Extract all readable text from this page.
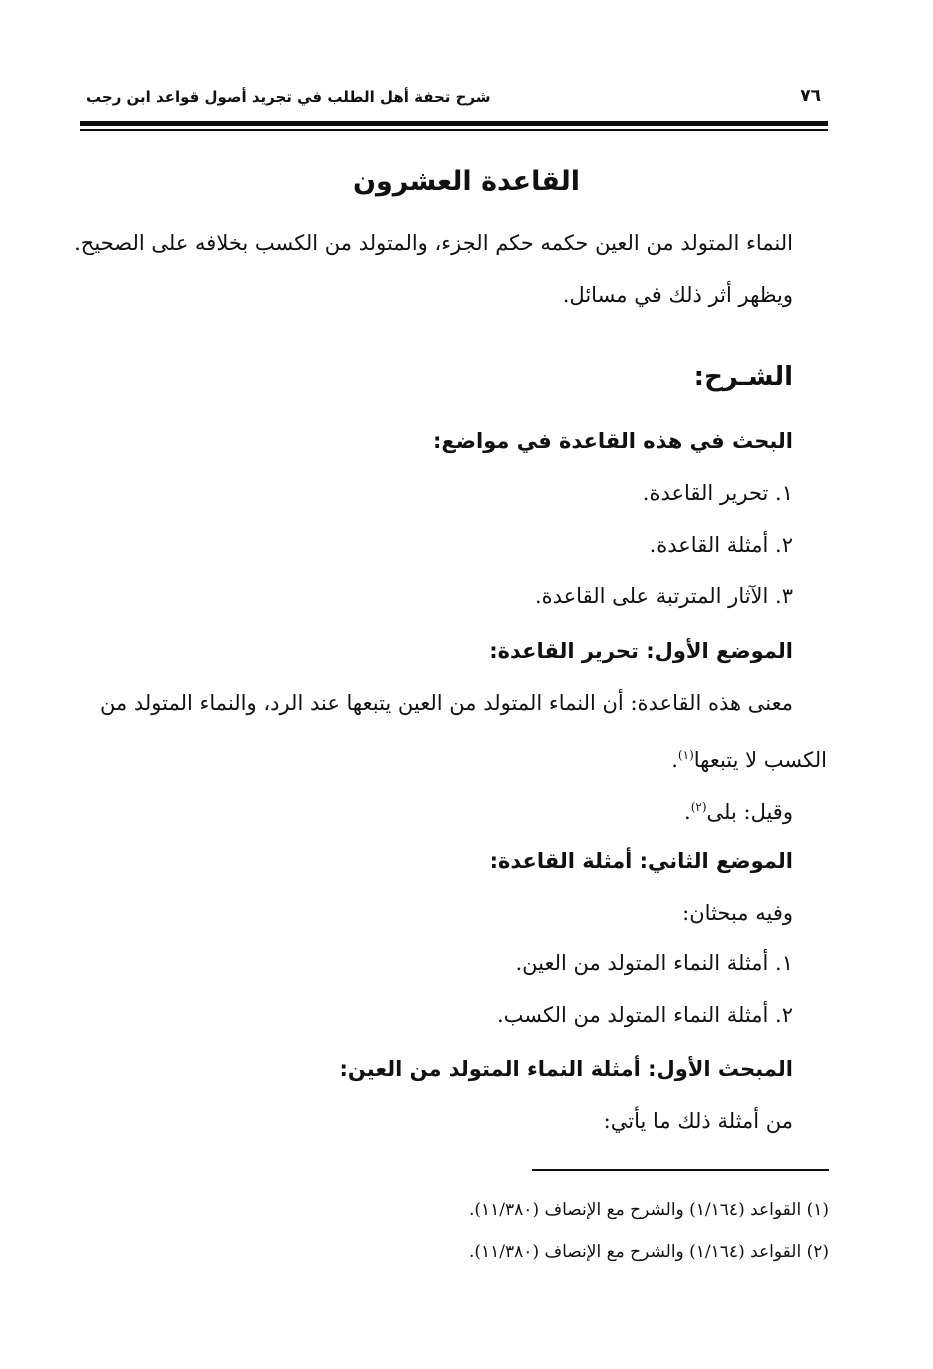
شرح تحفة أهل الطلب في تجريد أصول قواعد ابن رجب	٧٦
القاعدة العشرون
النماء المتولد من العين حكمه حكم الجزء، والمتولد من الكسب بخلافه على الصحيح.
ويظهر أثر ذلك في مسائل.
الشـرح:
البحث في هذه القاعدة في مواضع:
١. تحرير القاعدة.
٢. أمثلة القاعدة.
٣. الآثار المترتبة على القاعدة.
الموضع الأول: تحرير القاعدة:
معنى هذه القاعدة: أن النماء المتولد من العين يتبعها عند الرد، والنماء المتولد من
الكسب لا يتبعها$^{(١)}$.
وقيل: بلى$^{(٢)}$.
الموضع الثاني: أمثلة القاعدة:
وفيه مبحثان:
١. أمثلة النماء المتولد من العين.
٢. أمثلة النماء المتولد من الكسب.
المبحث الأول: أمثلة النماء المتولد من العين:
من أمثلة ذلك ما يأتي:
(١) القواعد (١/١٦٤) والشرح مع الإنصاف (١١/٣٨٠).
(٢) القواعد (١/١٦٤) والشرح مع الإنصاف (١١/٣٨٠).
